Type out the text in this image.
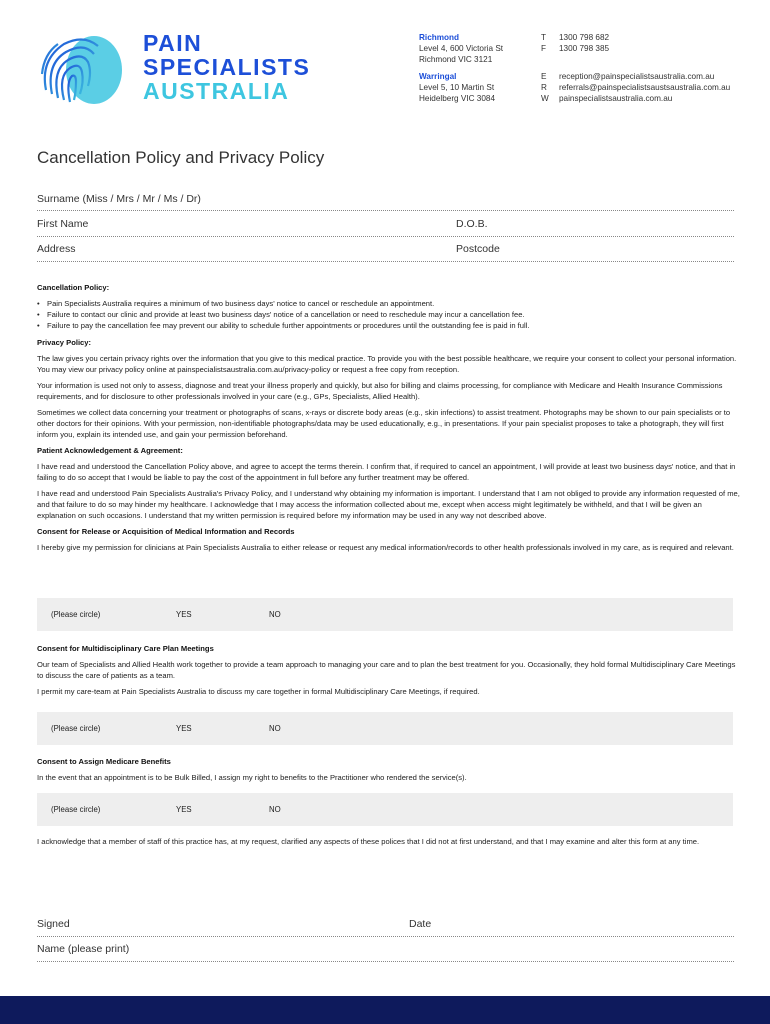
PAIN
SPECIALISTS
AUSTRALIA
Richmond
Level 4, 600 Victoria St
Richmond VIC 3121
Warringal
Level 5, 10 Martin St
Heidelberg VIC 3084
T	1300 798 682
F	1300 798 385
E	reception@painspecialistsaustralia.com.au
R	referrals@painspecialistsaustsaustralia.com.au
W	painspecialistsaustralia.com.au
Cancellation Policy and Privacy Policy
Surname (Miss / Mrs / Mr / Ms / Dr)
First Name	D.O.B.
Address	Postcode

Cancellation Policy:

• Pain Specialists Australia requires a minimum of two business days' notice to cancel or reschedule an appointment.
• Failure to contact our clinic and provide at least two business days' notice of a cancellation or need to reschedule may incur a cancellation fee.
• Failure to pay the cancellation fee may prevent our ability to schedule further appointments or procedures until the outstanding fee is paid in full.

Privacy Policy:

The law gives you certain privacy rights over the information that you give to this medical practice. To provide you with the best possible healthcare, we require your consent to collect your personal information. You may view our privacy policy online at painspecialistsaustralia.com.au/privacy-policy or request a free copy from reception.

Your information is used not only to assess, diagnose and treat your illness properly and quickly, but also for billing and claims processing, for compliance with Medicare and Health Insurance Commissions requirements, and for disclosure to other professionals involved in your care (e.g., GPs, Specialists, Allied Health).

Sometimes we collect data concerning your treatment or photographs of scans, x-rays or discrete body areas (e.g., skin infections) to assist treatment. Photographs may be shown to our pain specialists or to other doctors for their opinions. With your permission, non-identifiable photographs/data may be used educationally, e.g., in presentations. If your pain specialist proposes to take a photograph, they will first inform you, explain its intended use, and gain your permission beforehand.

Patient Acknowledgement & Agreement:

I have read and understood the Cancellation Policy above, and agree to accept the terms therein. I confirm that, if required to cancel an appointment, I will provide at least two business days' notice, and that in failing to do so accept that I would be liable to pay the cost of the appointment in full before any further treatment may be offered.

I have read and understood Pain Specialists Australia's Privacy Policy, and I understand why obtaining my information is important. I understand that I am not obliged to provide any information requested of me, and that failure to do so may hinder my healthcare. I acknowledge that I may access the information collected about me, except when access might legitimately be withheld, and that I will be given an explanation on such occasions. I understand that my written permission is required before my information may be used in any way not described above.

Consent for Release or Acquisition of Medical Information and Records

I hereby give my permission for clinicians at Pain Specialists Australia to either release or request any medical information/records to other health professionals involved in my care, as is required and relevant.

(Please circle)	YES	NO

Consent for Multidisciplinary Care Plan Meetings

Our team of Specialists and Allied Health work together to provide a team approach to managing your care and to plan the best treatment for you. Occasionally, they hold formal Multidisciplinary Care Meetings to discuss the care of patients as a team.

I permit my care-team at Pain Specialists Australia to discuss my care together in formal Multidisciplinary Care Meetings, if required.

(Please circle)	YES	NO

Consent to Assign Medicare Benefits

In the event that an appointment is to be Bulk Billed, I assign my right to benefits to the Practitioner who rendered the service(s).

(Please circle)	YES	NO

I acknowledge that a member of staff of this practice has, at my request, clarified any aspects of these polices that I did not at first understand, and that I may examine and alter this form at any time.

Signed	Date
Name (please print)
